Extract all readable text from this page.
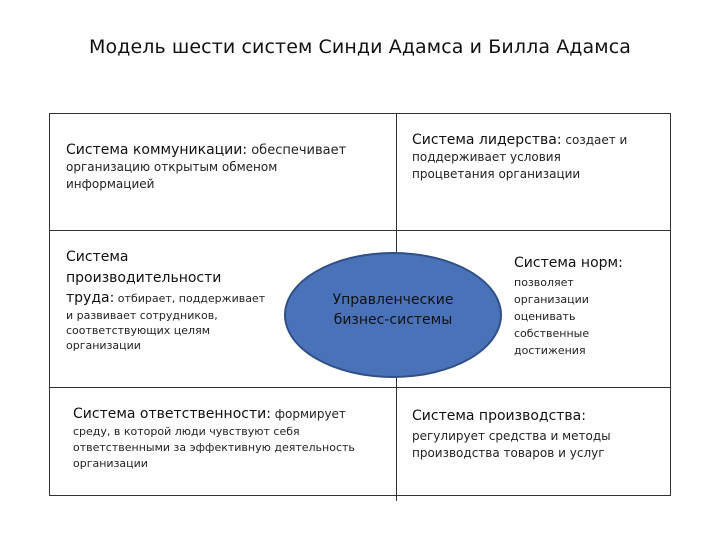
Модель шести систем Синди Адамса и Билла Адамса
Система коммуникации: обеспечивает
организацию открытым обменом информацией
Система лидерства: создает и
поддерживает условия процветания организации
Система
производительности
труда: отбирает, поддерживает
и развивает сотрудников, соответствующих целям организации
Управленческие
бизнес-системы
Система норм:
позволяет организации оценивать собственные достижения
Система ответственности: формирует
среду, в которой люди чувствуют себя ответственными за эффективную деятельность организации
Система производства:
регулирует средства и методы производства товаров и услуг
